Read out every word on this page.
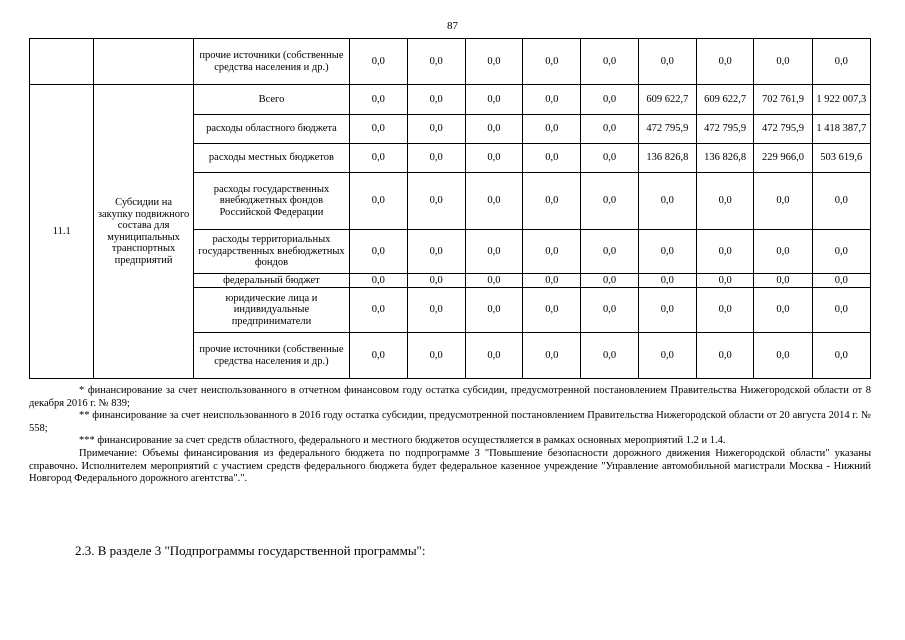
87
		прочие источники (собственные средства населения и др.)	0,0	0,0	0,0	0,0	0,0	0,0	0,0	0,0	0,0
11.1	Субсидии на закупку подвижного состава для муниципальных транспортных предприятий	Всего	0,0	0,0	0,0	0,0	0,0	609 622,7	609 622,7	702 761,9	1 922 007,3
		расходы областного бюджета	0,0	0,0	0,0	0,0	0,0	472 795,9	472 795,9	472 795,9	1 418 387,7
		расходы местных бюджетов	0,0	0,0	0,0	0,0	0,0	136 826,8	136 826,8	229 966,0	503 619,6
		расходы государственных внебюджетных фондов Российской Федерации	0,0	0,0	0,0	0,0	0,0	0,0	0,0	0,0	0,0
		расходы территориальных государственных внебюджетных фондов	0,0	0,0	0,0	0,0	0,0	0,0	0,0	0,0	0,0
		федеральный бюджет	0,0	0,0	0,0	0,0	0,0	0,0	0,0	0,0	0,0
		юридические лица и индивидуальные предприниматели	0,0	0,0	0,0	0,0	0,0	0,0	0,0	0,0	0,0
		прочие источники (собственные средства населения и др.)	0,0	0,0	0,0	0,0	0,0	0,0	0,0	0,0	0,0

* финансирование за счет неиспользованного в отчетном финансовом году остатка субсидии, предусмотренной постановлением Правительства Нижегородской области от 8 декабря 2016 г. № 839;

** финансирование за счет неиспользованного в 2016 году остатка субсидии, предусмотренной постановлением Правительства Нижегородской области от 20 августа 2014 г. № 558;

*** финансирование за счет средств областного, федерального и местного бюджетов осуществляется в рамках основных мероприятий 1.2 и 1.4.

Примечание: Объемы финансирования из федерального бюджета по подпрограмме 3 "Повышение безопасности дорожного движения Нижегородской области" указаны справочно. Исполнителем мероприятий с участием средств федерального бюджета будет федеральное казенное учреждение "Управление автомобильной магистрали Москва - Нижний Новгород Федерального дорожного агентства".".

2.3. В разделе 3 "Подпрограммы государственной программы":
